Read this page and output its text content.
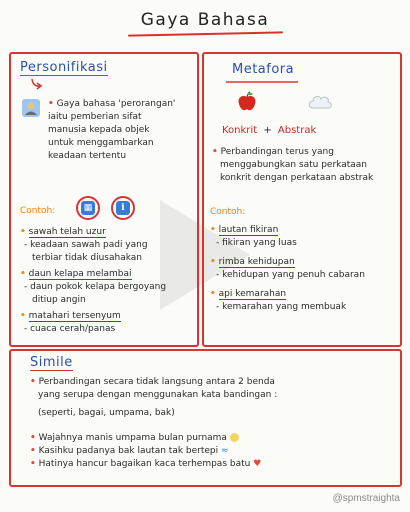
Gaya Bahasa
Personifikasi
• Gaya bahasa 'perorangan'
iaitu pemberian sifat
manusia kepada objek
untuk menggambarkan
keadaan tertentu
Contoh:	▦	i
• sawah telah uzur
- keadaan sawah padi yang
terbiar tidak diusahakan
• daun kelapa melambai
- daun pokok kelapa bergoyang
ditiup angin
• matahari tersenyum
- cuaca cerah/panas
Metafora
Konkrit + Abstrak
• Perbandingan terus yang
menggabungkan satu perkataan
konkrit dengan perkataan abstrak
Contoh:
• lautan fikiran
- fikiran yang luas
• rimba kehidupan
- kehidupan yang penuh cabaran
• api kemarahan
- kemarahan yang membuak
Simile
• Perbandingan secara tidak langsung antara 2 benda
yang serupa dengan menggunakan kata bandingan :
(seperti, bagai, umpama, bak)
• Wajahnya manis umpama bulan purnama
• Kasihku padanya bak lautan tak bertepi ≈
• Hatinya hancur bagaikan kaca terhempas batu ♥
@spmstraighta
